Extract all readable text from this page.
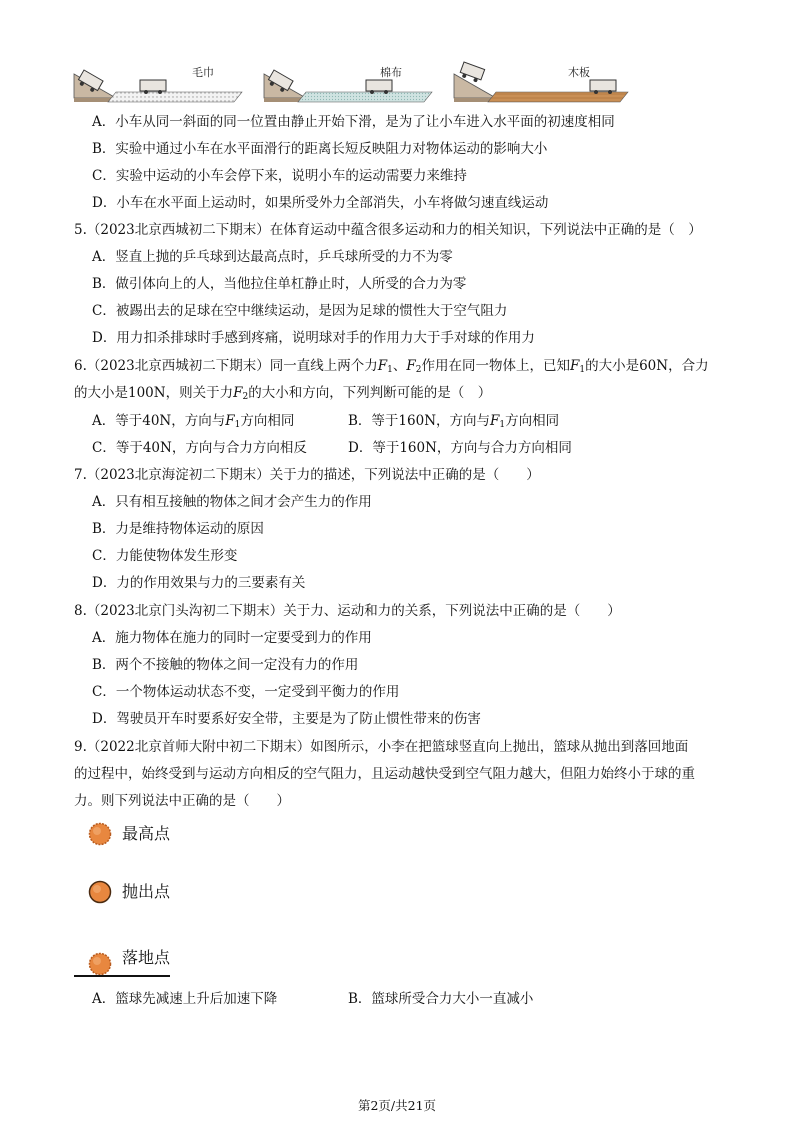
毛巾	棉布	木板
A．小车从同一斜面的同一位置由静止开始下滑，是为了让小车进入水平面的初速度相同
B．实验中通过小车在水平面滑行的距离长短反映阻力对物体运动的影响大小
C．实验中运动的小车会停下来，说明小车的运动需要力来维持
D．小车在水平面上运动时，如果所受外力全部消失，小车将做匀速直线运动
5.（2023北京西城初二下期末）在体育运动中蕴含很多运动和力的相关知识，下列说法中正确的是（　）
A．竖直上抛的乒乓球到达最高点时，乒乓球所受的力不为零
B．做引体向上的人，当他拉住单杠静止时，人所受的合力为零
C．被踢出去的足球在空中继续运动，是因为足球的惯性大于空气阻力
D．用力扣杀排球时手感到疼痛，说明球对手的作用力大于手对球的作用力
6.（2023北京西城初二下期末）同一直线上两个力$F_1$、$F_2$作用在同一物体上，已知$F_1$的大小是60N，合力
的大小是100N，则关于力$F_2$的大小和方向，下列判断可能的是（　）
A．等于40N，方向与$F_1$方向相同	B．等于160N，方向与$F_1$方向相同
C．等于40N，方向与合力方向相反	D．等于160N，方向与合力方向相同
7.（2023北京海淀初二下期末）关于力的描述，下列说法中正确的是（　　）
A．只有相互接触的物体之间才会产生力的作用
B．力是维持物体运动的原因
C．力能使物体发生形变
D．力的作用效果与力的三要素有关
8.（2023北京门头沟初二下期末）关于力、运动和力的关系，下列说法中正确的是（　　）
A．施力物体在施力的同时一定要受到力的作用
B．两个不接触的物体之间一定没有力的作用
C．一个物体运动状态不变，一定受到平衡力的作用
D．驾驶员开车时要系好安全带，主要是为了防止惯性带来的伤害
9.（2022北京首师大附中初二下期末）如图所示，小李在把篮球竖直向上抛出，篮球从抛出到落回地面
的过程中，始终受到与运动方向相反的空气阻力，且运动越快受到空气阻力越大，但阻力始终小于球的重
力。则下列说法中正确的是（　　）
最高点
抛出点
落地点
A．篮球先减速上升后加速下降	B．篮球所受合力大小一直减小
第2页/共21页
